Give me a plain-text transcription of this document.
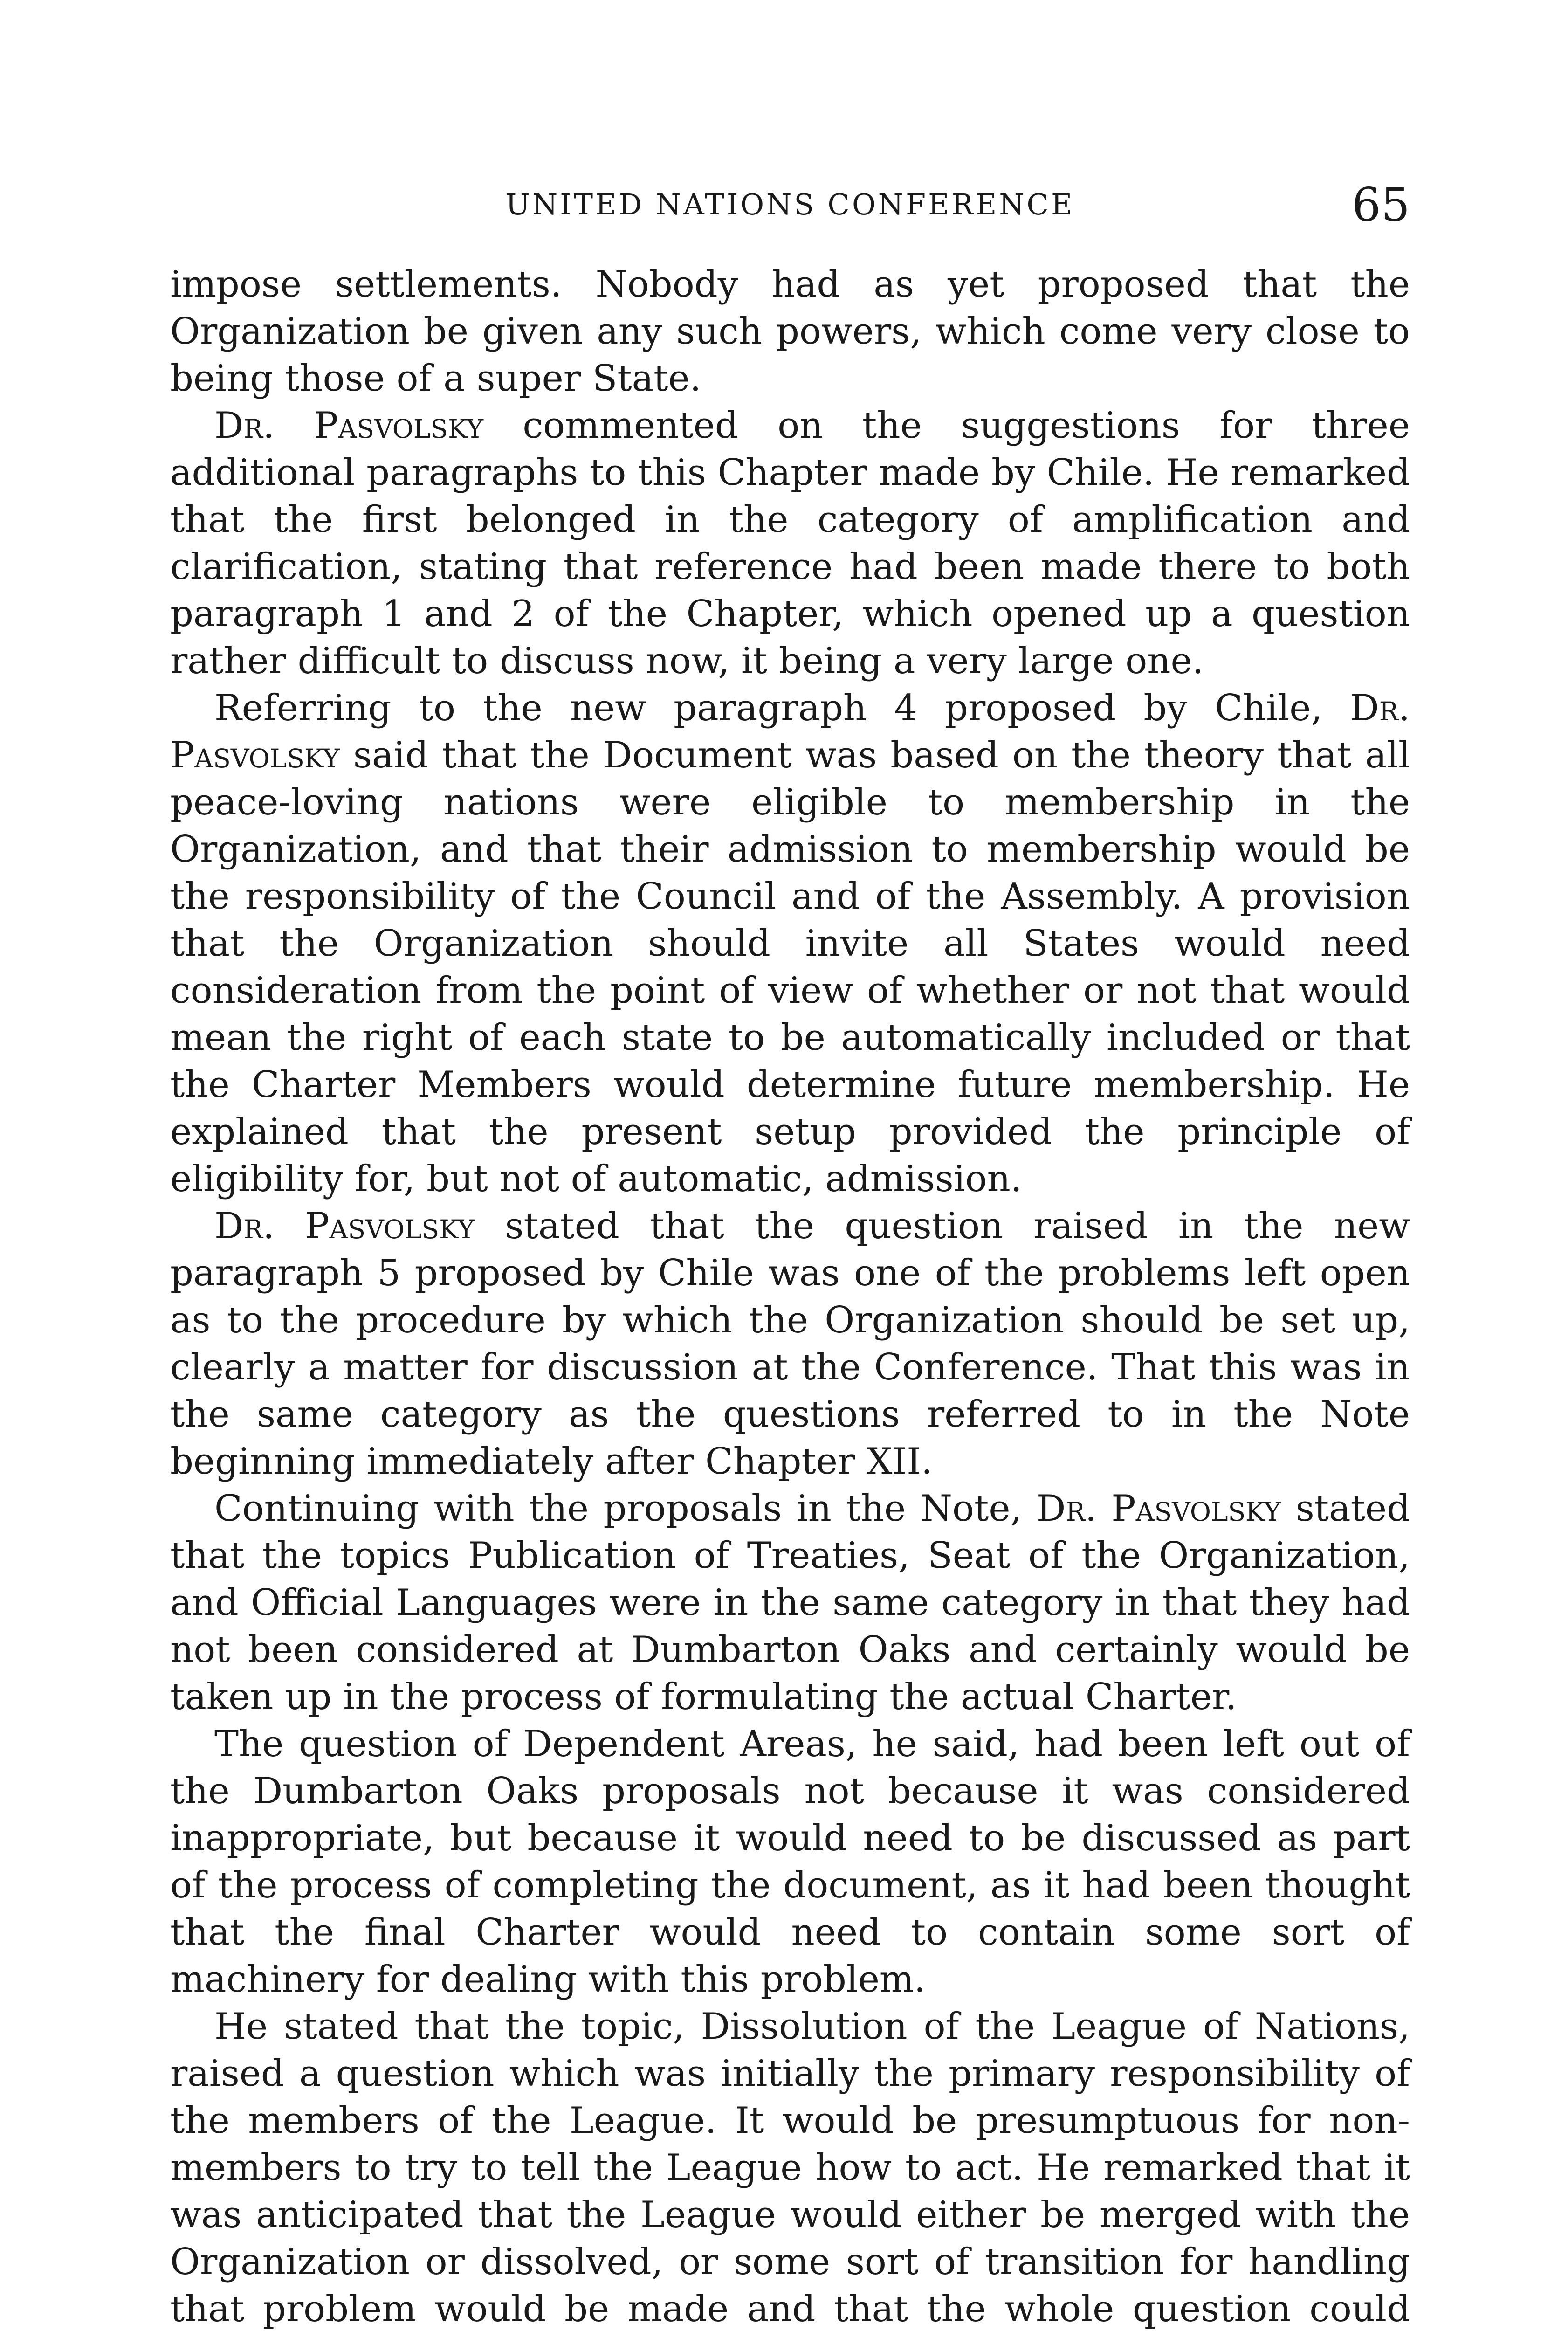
UNITED NATIONS CONFERENCE	65

impose settlements. Nobody had as yet proposed that the Organization be given any such powers, which come very close to being those of a super State.

Dr. Pasvolsky commented on the suggestions for three additional paragraphs to this Chapter made by Chile. He remarked that the first belonged in the category of amplification and clarification, stating that reference had been made there to both paragraph 1 and 2 of the Chapter, which opened up a question rather difficult to discuss now, it being a very large one.

Referring to the new paragraph 4 proposed by Chile, Dr. Pasvolsky said that the Document was based on the theory that all peace-loving nations were eligible to membership in the Organization, and that their admission to membership would be the responsibility of the Council and of the Assembly. A provision that the Organization should invite all States would need consideration from the point of view of whether or not that would mean the right of each state to be automatically included or that the Charter Members would determine future membership. He explained that the present setup provided the principle of eligibility for, but not of automatic, admission.

Dr. Pasvolsky stated that the question raised in the new paragraph 5 proposed by Chile was one of the problems left open as to the procedure by which the Organization should be set up, clearly a matter for discussion at the Conference. That this was in the same category as the questions referred to in the Note beginning immediately after Chapter XII.

Continuing with the proposals in the Note, Dr. Pasvolsky stated that the topics Publication of Treaties, Seat of the Organization, and Official Languages were in the same category in that they had not been considered at Dumbarton Oaks and certainly would be taken up in the process of formulating the actual Charter.

The question of Dependent Areas, he said, had been left out of the Dumbarton Oaks proposals not because it was considered inappropriate, but because it would need to be discussed as part of the process of completing the document, as it had been thought that the final Charter would need to contain some sort of machinery for dealing with this problem.

He stated that the topic, Dissolution of the League of Nations, raised a question which was initially the primary responsibility of the members of the League. It would be presumptuous for non-members to try to tell the League how to act. He remarked that it was anticipated that the League would either be merged with the Organization or dissolved, or some sort of transition for handling that problem would be made and that the whole question could
